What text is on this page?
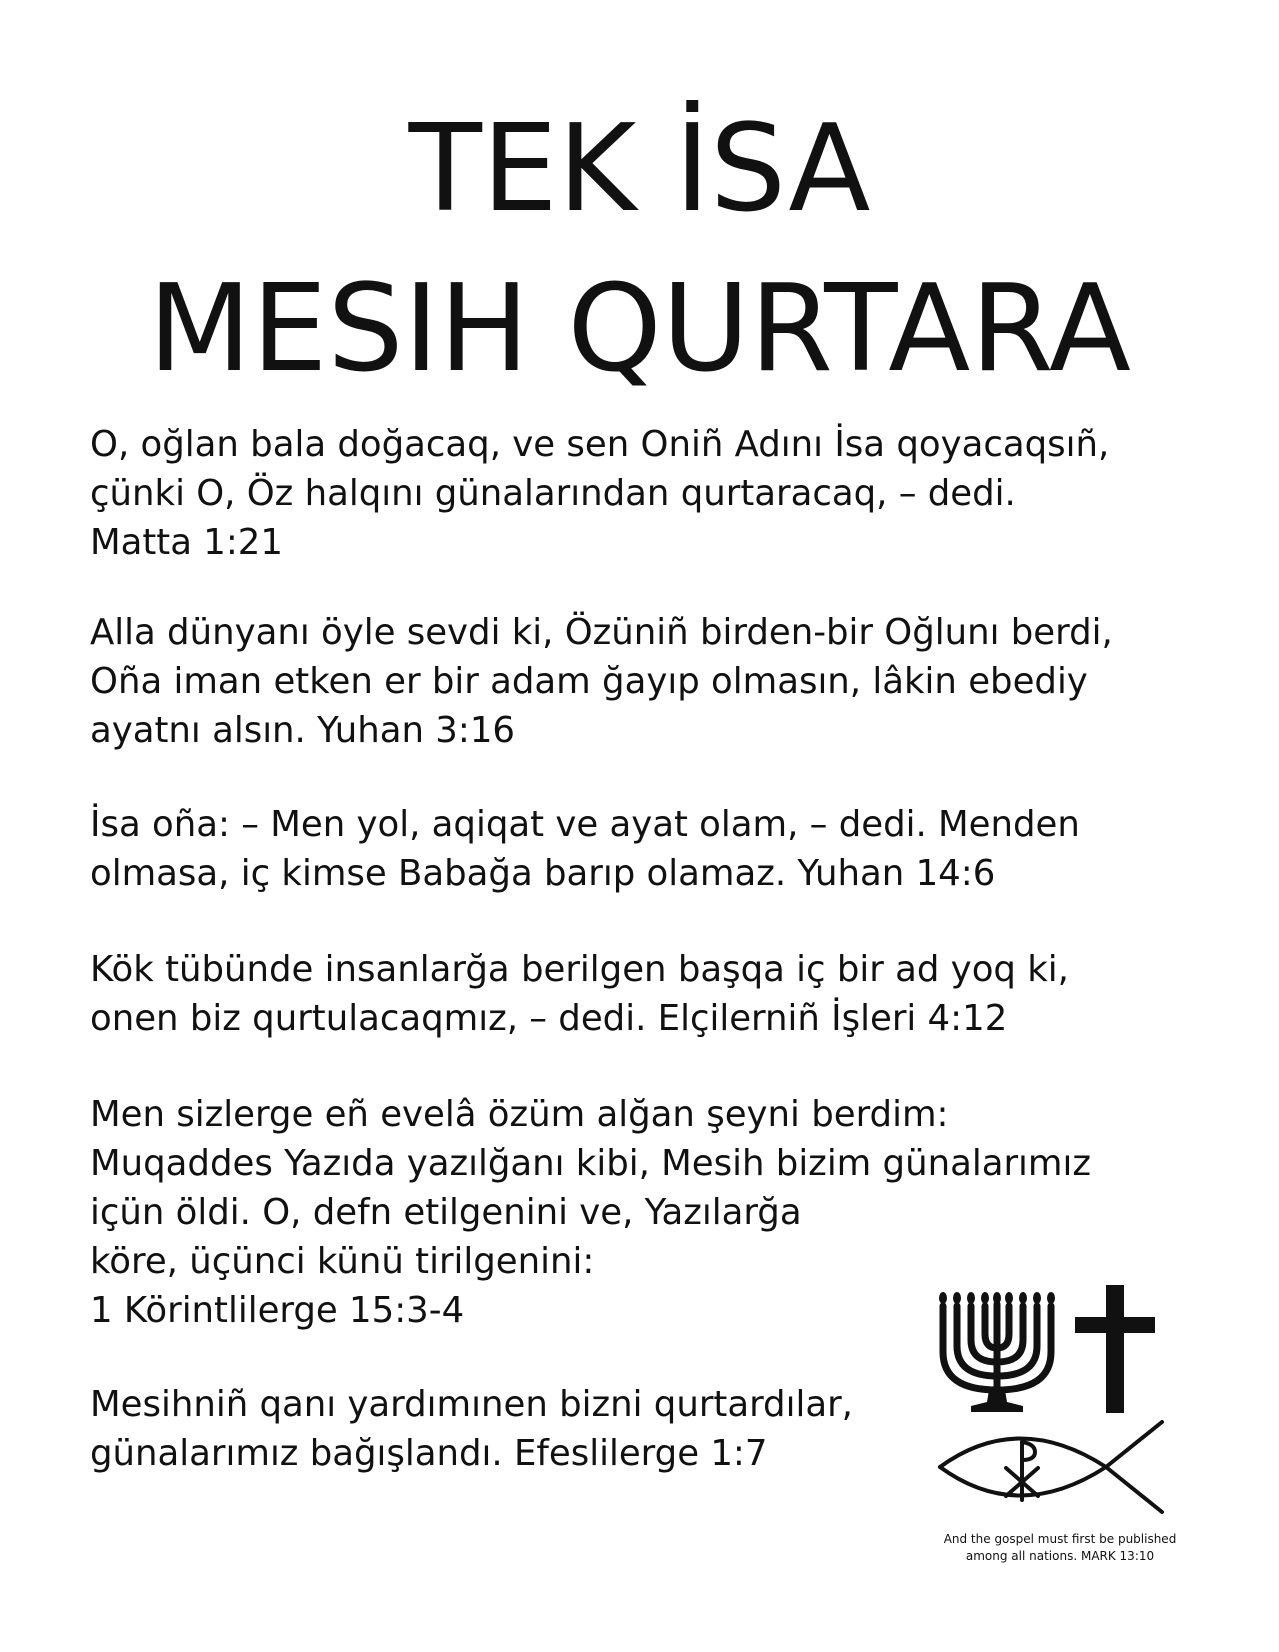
TEK İSA
MESIH QURTARA

O, oğlan bala doğacaq, ve sen Oniñ Adını İsa qoyacaqsıñ,
çünki O, Öz halqını günalarından qurtaracaq, – dedi.
Matta 1:21

Alla dünyanı öyle sevdi ki, Özüniñ birden-bir Oğlunı berdi,
Oña iman etken er bir adam ğayıp olmasın, lâkin ebediy
ayatnı alsın. Yuhan 3:16

İsa oña: – Men yol, aqiqat ve ayat olam, – dedi. Menden
olmasa, iç kimse Babağa barıp olamaz. Yuhan 14:6

Kök tübünde insanlarğa berilgen başqa iç bir ad yoq ki,
onen biz qurtulacaqmız, – dedi. Elçilerniñ İşleri 4:12

Men sizlerge eñ evelâ özüm alğan şeyni berdim:
Muqaddes Yazıda yazılğanı kibi, Mesih bizim günalarımız
içün öldi. O, defn etilgenini ve, Yazılarğa
köre, üçünci künü tirilgenini:
1 Körintlilerge 15:3-4

Mesihniñ qanı yardımınen bizni qurtardılar,
günalarımız bağışlandı. Efeslilerge 1:7

And the gospel must first be published
among all nations. MARK 13:10
